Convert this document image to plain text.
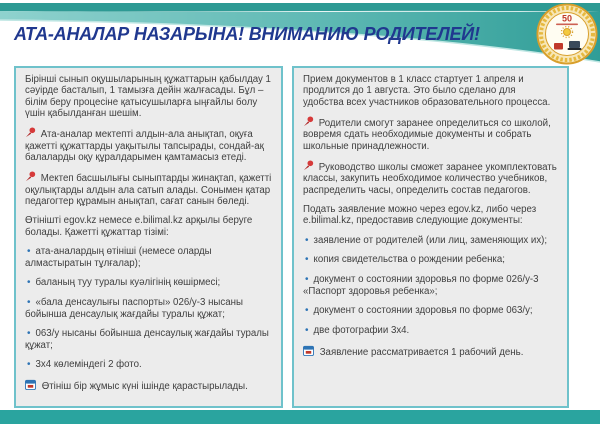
50
АТА-АНАЛАР НАЗАРЫНА! ВНИМАНИЮ РОДИТЕЛЕЙ!

Бірінші сынып оқушыларының құжаттарын қабылдау 1 сәуірде басталып, 1 тамызға дейін жалғасады. Бұл – білім беру процесіне қатысушыларға ыңғайлы болу үшін қабылданған шешім.

Ата-аналар мектепті алдын-ала анықтап, оқуға қажетті құжаттарды уақытылы тапсырады, сондай-ақ балаларды оқу құралдарымен қамтамасыз етеді.

Мектеп басшылығы сыныптарды жинақтап, қажетті оқулықтарды алдын ала сатып алады. Сонымен қатар педагогтер құрамын анықтап, сағат санын бөледі.

Өтінішті egov.kz немесе e.bilimal.kz арқылы беруге болады. Қажетті құжаттар тізімі:

• ата-аналардың өтініші (немесе оларды алмастыратын тұлғалар);

• баланың туу туралы куәлігінің көшірмесі;

• «бала денсаулығы паспорты» 026/у-3 нысаны бойынша денсаулық жағдайы туралы құжат;

• 063/у нысаны бойынша денсаулық жағдайы туралы құжат;

• 3х4 көлеміндегі 2 фото.

Өтініш бір жұмыс күні ішінде қарастырылады.

Прием документов в 1 класс стартует 1 апреля и продлится до 1 августа. Это было сделано для удобства всех участников образовательного процесса.

Родители смогут заранее определиться со школой, вовремя сдать необходимые документы и собрать школьные принадлежности.

Руководство школы сможет заранее укомплектовать классы, закупить необходимое количество учебников, распределить часы, определить состав педагогов.

Подать заявление можно через egov.kz, либо через e.bilimal.kz, предоставив следующие документы:

• заявление от родителей (или лиц, заменяющих их);

• копия свидетельства о рождении ребенка;

• документ о состоянии здоровья по форме 026/у-3 «Паспорт здоровья ребенка»;

• документ о состоянии здоровья по форме 063/у;

• две фотографии 3х4.

Заявление рассматривается 1 рабочий день.
